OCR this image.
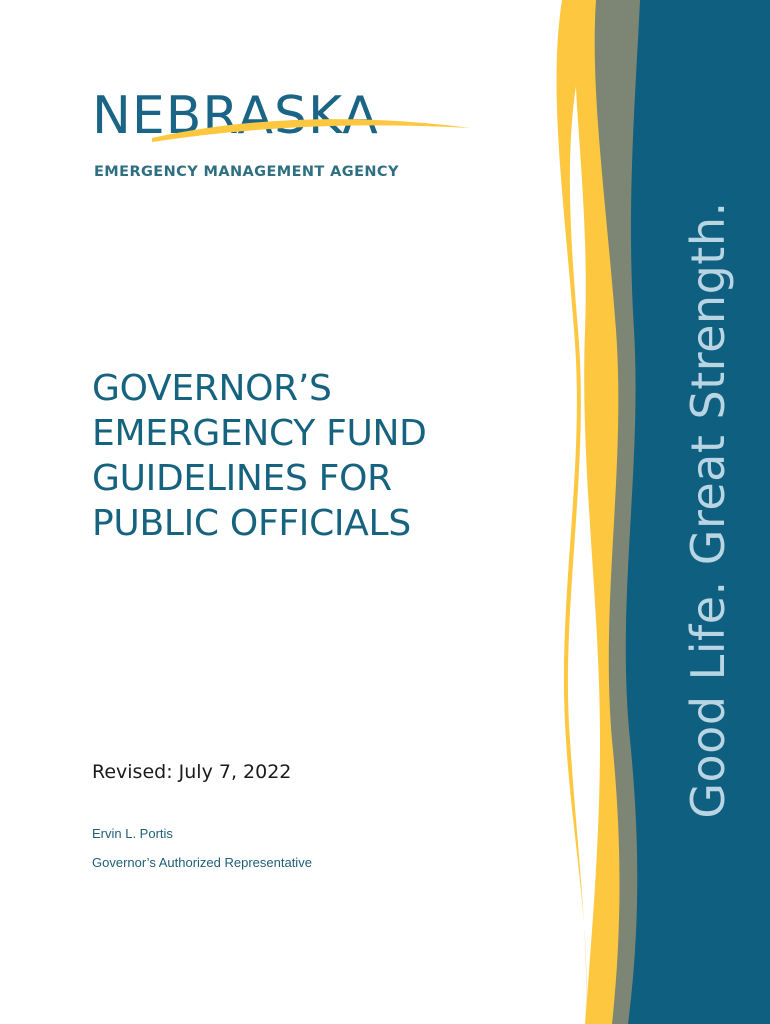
NEBRASKA
EMERGENCY MANAGEMENT AGENCY
GOVERNOR’S
EMERGENCY FUND
GUIDELINES FOR
PUBLIC OFFICIALS
Revised: July 7, 2022
Ervin L. Portis
Governor’s Authorized Representative
Good Life. Great Strength.
